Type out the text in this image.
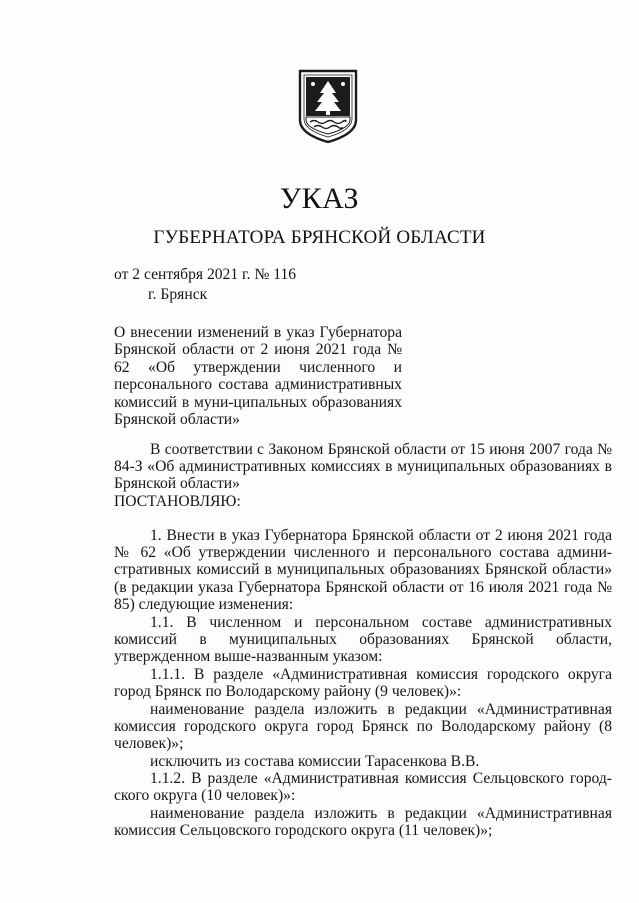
УКАЗ
ГУБЕРНАТОРА БРЯНСКОЙ ОБЛАСТИ
от 2 сентября 2021 г. № 116
г. Брянск
О внесении изменений в указ Губернатора Брянской области от 2 июня 2021 года № 62 «Об утверждении численного и персонального состава административных комиссий в муни-ципальных образованиях Брянской области»
В соответствии с Законом Брянской области от 15 июня 2007 года № 84-З «Об административных комиссиях в муниципальных образованиях в Брянской области»
ПОСТАНОВЛЯЮ:
1. Внести в указ Губернатора Брянской области от 2 июня 2021 года № 62 «Об утверждении численного и персонального состава админи-стративных комиссий в муниципальных образованиях Брянской области» (в редакции указа Губернатора Брянской области от 16 июля 2021 года № 85) следующие изменения:
1.1. В численном и персональном составе административных комиссий в муниципальных образованиях Брянской области, утвержденном выше-названным указом:
1.1.1. В разделе «Административная комиссия городского округа город Брянск по Володарскому району (9 человек)»:
наименование раздела изложить в редакции «Административная комиссия городского округа город Брянск по Володарскому району (8 человек)»;
исключить из состава комиссии Тарасенкова В.В.
1.1.2. В разделе «Административная комиссия Сельцовского город-ского округа (10 человек)»:
наименование раздела изложить в редакции «Административная комиссия Сельцовского городского округа (11 человек)»;
